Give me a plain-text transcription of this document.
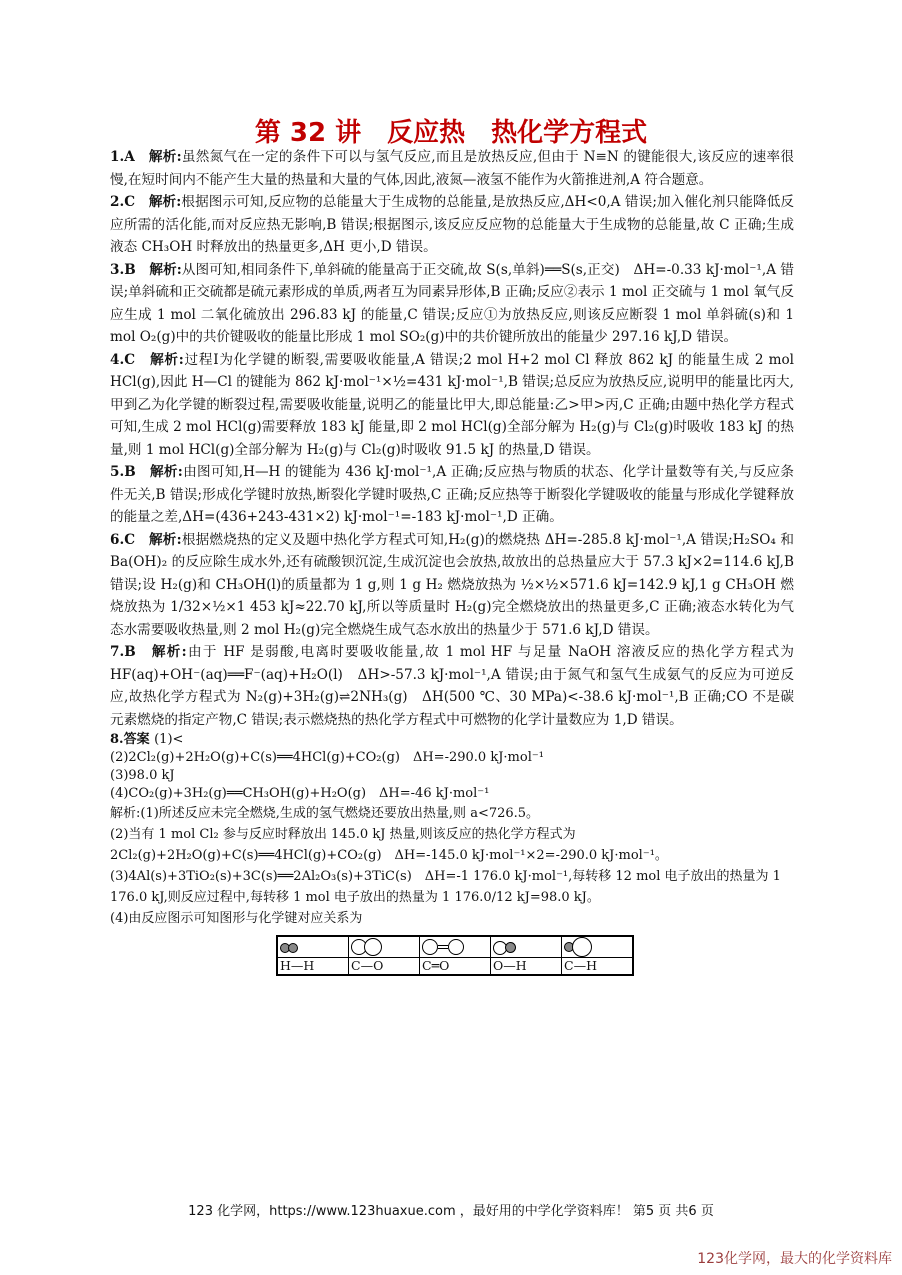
第 32 讲　反应热　热化学方程式

1.A　 解析:虽然氮气在一定的条件下可以与氢气反应,而且是放热反应,但由于 N≡N 的键能很大,该反应的速率很慢,在短时间内不能产生大量的热量和大量的气体,因此,液氮—液氢不能作为火箭推进剂,A 符合题意。

2.C　 解析:根据图示可知,反应物的总能量大于生成物的总能量,是放热反应,ΔH<0,A 错误;加入催化剂只能降低反应所需的活化能,而对反应热无影响,B 错误;根据图示,该反应反应物的总能量大于生成物的总能量,故 C 正确;生成液态 CH₃OH 时释放出的热量更多,ΔH 更小,D 错误。

3.B　 解析:从图可知,相同条件下,单斜硫的能量高于正交硫,故 S(s,单斜)══S(s,正交)　ΔH=-0.33 kJ·mol⁻¹,A 错误;单斜硫和正交硫都是硫元素形成的单质,两者互为同素异形体,B 正确;反应②表示 1 mol 正交硫与 1 mol 氧气反应生成 1 mol 二氧化硫放出 296.83 kJ 的能量,C 错误;反应①为放热反应,则该反应断裂 1 mol 单斜硫(s)和 1 mol O₂(g)中的共价键吸收的能量比形成 1 mol SO₂(g)中的共价键所放出的能量少 297.16 kJ,D 错误。

4.C　 解析:过程Ⅰ为化学键的断裂,需要吸收能量,A 错误;2 mol H+2 mol Cl 释放 862 kJ 的能量生成 2 mol HCl(g),因此 H—Cl 的键能为 862 kJ·mol⁻¹×½=431 kJ·mol⁻¹,B 错误;总反应为放热反应,说明甲的能量比丙大,甲到乙为化学键的断裂过程,需要吸收能量,说明乙的能量比甲大,即总能量:乙>甲>丙,C 正确;由题中热化学方程式可知,生成 2 mol HCl(g)需要释放 183 kJ 能量,即 2 mol HCl(g)全部分解为 H₂(g)与 Cl₂(g)时吸收 183 kJ 的热量,则 1 mol HCl(g)全部分解为 H₂(g)与 Cl₂(g)时吸收 91.5 kJ 的热量,D 错误。

5.B　 解析:由图可知,H—H 的键能为 436 kJ·mol⁻¹,A 正确;反应热与物质的状态、化学计量数等有关,与反应条件无关,B 错误;形成化学键时放热,断裂化学键时吸热,C 正确;反应热等于断裂化学键吸收的能量与形成化学键释放的能量之差,ΔH=(436+243-431×2) kJ·mol⁻¹=-183 kJ·mol⁻¹,D 正确。

6.C　 解析:根据燃烧热的定义及题中热化学方程式可知,H₂(g)的燃烧热 ΔH=-285.8 kJ·mol⁻¹,A 错误;H₂SO₄ 和 Ba(OH)₂ 的反应除生成水外,还有硫酸钡沉淀,生成沉淀也会放热,故放出的总热量应大于 57.3 kJ×2=114.6 kJ,B 错误;设 H₂(g)和 CH₃OH(l)的质量都为 1 g,则 1 g H₂ 燃烧放热为 ½×½×571.6 kJ=142.9 kJ,1 g CH₃OH 燃烧放热为 1/32×½×1 453 kJ≈22.70 kJ,所以等质量时 H₂(g)完全燃烧放出的热量更多,C 正确;液态水转化为气态水需要吸收热量,则 2 mol H₂(g)完全燃烧生成气态水放出的热量少于 571.6 kJ,D 错误。

7.B　 解析:由于 HF 是弱酸,电离时要吸收能量,故 1 mol HF 与足量 NaOH 溶液反应的热化学方程式为 HF(aq)+OH⁻(aq)══F⁻(aq)+H₂O(l)　ΔH>-57.3 kJ·mol⁻¹,A 错误;由于氮气和氢气生成氨气的反应为可逆反应,故热化学方程式为 N₂(g)+3H₂(g)⇌2NH₃(g)　ΔH(500 ℃、30 MPa)<-38.6 kJ·mol⁻¹,B 正确;CO 不是碳元素燃烧的指定产物,C 错误;表示燃烧热的热化学方程式中可燃物的化学计量数应为 1,D 错误。

8.答案 (1)<

(2)2Cl₂(g)+2H₂O(g)+C(s)══4HCl(g)+CO₂(g)　ΔH=-290.0 kJ·mol⁻¹

(3)98.0 kJ

(4)CO₂(g)+3H₂(g)══CH₃OH(g)+H₂O(g)　ΔH=-46 kJ·mol⁻¹

解析:(1)所述反应未完全燃烧,生成的氢气燃烧还要放出热量,则 a<726.5。

(2)当有 1 mol Cl₂ 参与反应时释放出 145.0 kJ 热量,则该反应的热化学方程式为

2Cl₂(g)+2H₂O(g)+C(s)══4HCl(g)+CO₂(g)　ΔH=-145.0 kJ·mol⁻¹×2=-290.0 kJ·mol⁻¹。

(3)4Al(s)+3TiO₂(s)+3C(s)══2Al₂O₃(s)+3TiC(s)　ΔH=-1 176.0 kJ·mol⁻¹,每转移 12 mol 电子放出的热量为 1 176.0 kJ,则反应过程中,每转移 1 mol 电子放出的热量为 1 176.0/12 kJ=98.0 kJ。

(4)由反应图示可知图形与化学键对应关系为

H—H	C—O	C═O	O—H	C—H
123 化学网，https://www.123huaxue.com ，最好用的中学化学资料库！ 第5 页 共6 页
123化学网，最大的化学资料库
